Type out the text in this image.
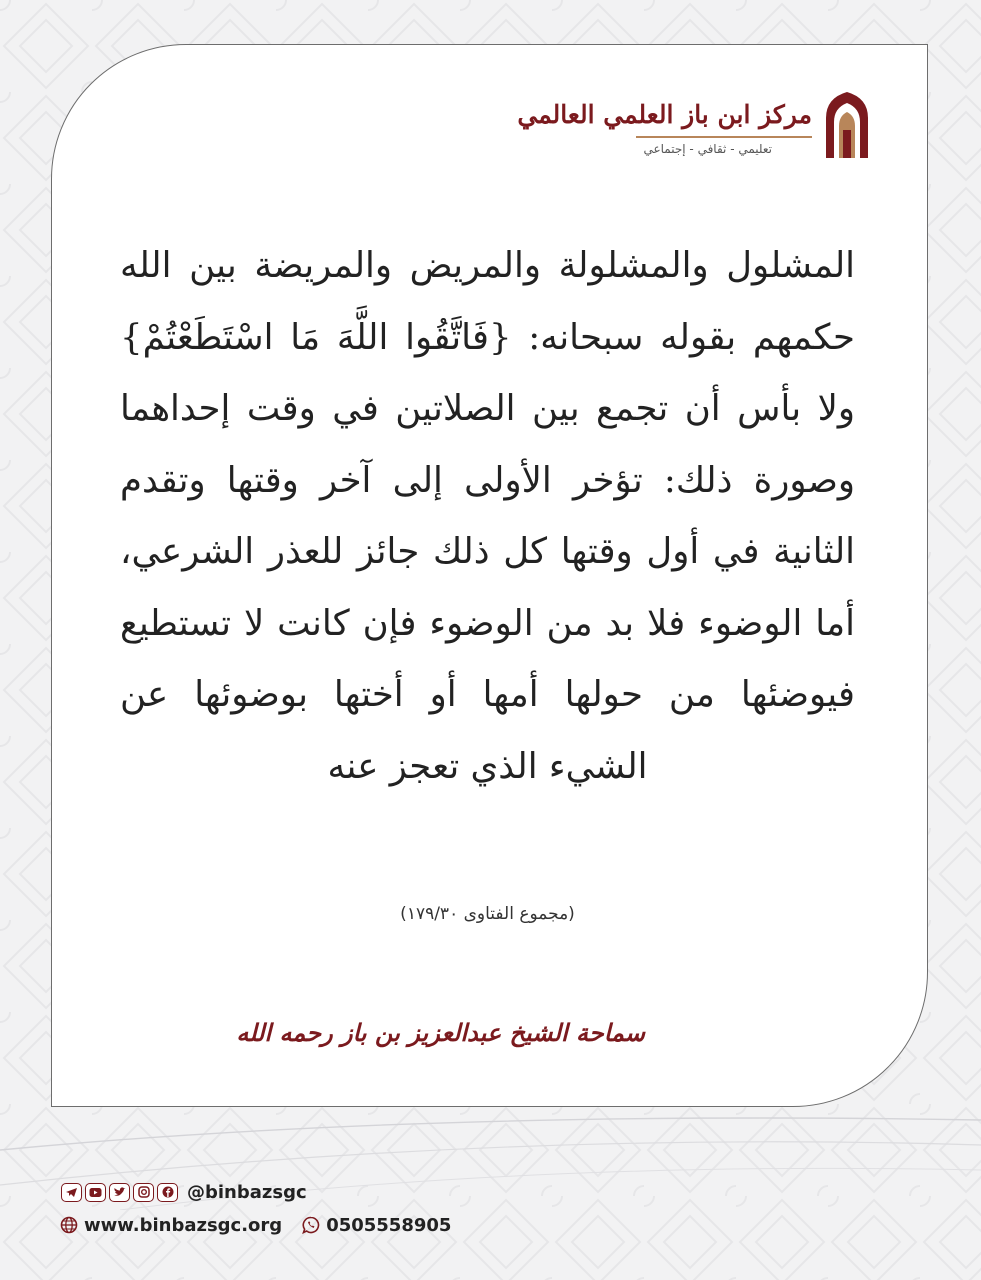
مركز ابن باز العلمي العالمي
تعليمي - ثقافي - إجتماعي
المشلول والمشلولة والمريض والمريضة بين الله حكمهم بقوله سبحانه: {فَاتَّقُوا اللَّهَ مَا اسْتَطَعْتُمْ} ولا بأس أن تجمع بين الصلاتين في وقت إحداهما وصورة ذلك: تؤخر الأولى إلى آخر وقتها وتقدم الثانية في أول وقتها كل ذلك جائز للعذر الشرعي، أما الوضوء فلا بد من الوضوء فإن كانت لا تستطيع فيوضئها من حولها أمها أو أختها بوضوئها عن الشيء الذي تعجز عنه
(مجموع الفتاوى ١٧٩/٣٠)
سماحة الشيخ عبدالعزيز بن باز رحمه الله
@binbazsgc
www.binbazsgc.org 0505558905
